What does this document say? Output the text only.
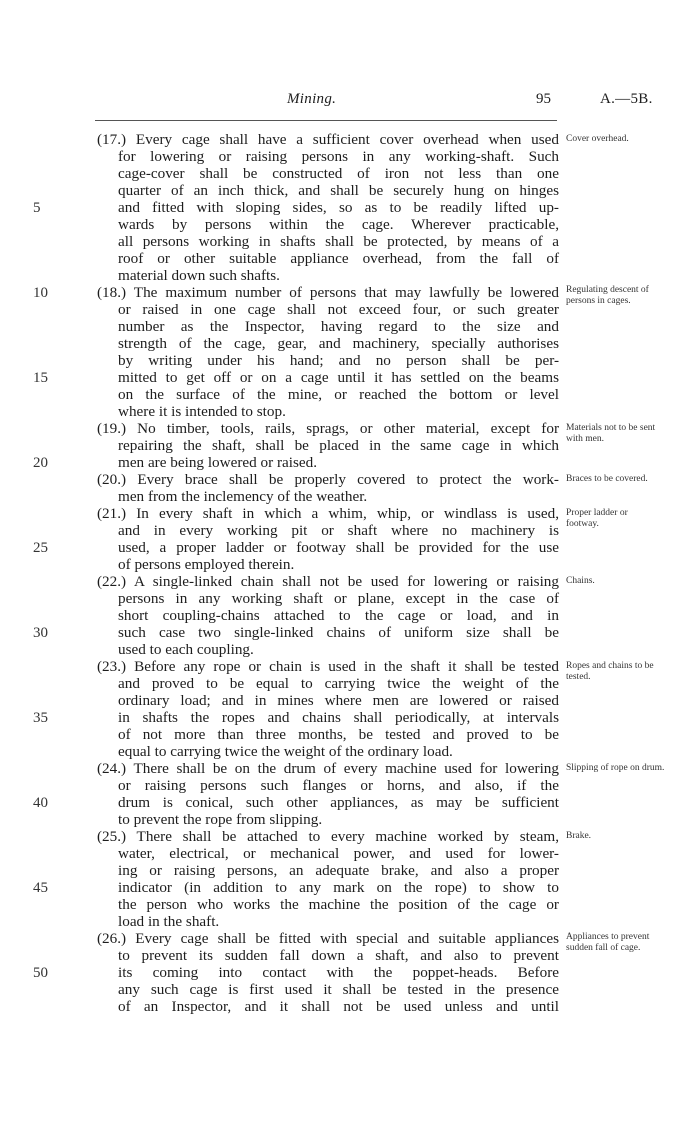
Mining.	95	A.—5B.
(17.) Every cage shall have a sufficient cover overhead when used
for lowering or raising persons in any working-shaft. Such
cage-cover shall be constructed of iron not less than one
quarter of an inch thick, and shall be securely hung on hinges
and fitted with sloping sides, so as to be readily lifted up-
wards by persons within the cage. Wherever practicable,
all persons working in shafts shall be protected, by means of a
roof or other suitable appliance overhead, from the fall of
material down such shafts.
(18.) The maximum number of persons that may lawfully be lowered
or raised in one cage shall not exceed four, or such greater
number as the Inspector, having regard to the size and
strength of the cage, gear, and machinery, specially authorises
by writing under his hand; and no person shall be per-
mitted to get off or on a cage until it has settled on the beams
on the surface of the mine, or reached the bottom or level
where it is intended to stop.
(19.) No timber, tools, rails, sprags, or other material, except for
repairing the shaft, shall be placed in the same cage in which
men are being lowered or raised.
(20.) Every brace shall be properly covered to protect the work-
men from the inclemency of the weather.
(21.) In every shaft in which a whim, whip, or windlass is used,
and in every working pit or shaft where no machinery is
used, a proper ladder or footway shall be provided for the use
of persons employed therein.
(22.) A single-linked chain shall not be used for lowering or raising
persons in any working shaft or plane, except in the case of
short coupling-chains attached to the cage or load, and in
such case two single-linked chains of uniform size shall be
used to each coupling.
(23.) Before any rope or chain is used in the shaft it shall be tested
and proved to be equal to carrying twice the weight of the
ordinary load; and in mines where men are lowered or raised
in shafts the ropes and chains shall periodically, at intervals
of not more than three months, be tested and proved to be
equal to carrying twice the weight of the ordinary load.
(24.) There shall be on the drum of every machine used for lowering
or raising persons such flanges or horns, and also, if the
drum is conical, such other appliances, as may be sufficient
to prevent the rope from slipping.
(25.) There shall be attached to every machine worked by steam,
water, electrical, or mechanical power, and used for lower-
ing or raising persons, an adequate brake, and also a proper
indicator (in addition to any mark on the rope) to show to
the person who works the machine the position of the cage or
load in the shaft.
(26.) Every cage shall be fitted with special and suitable appliances
to prevent its sudden fall down a shaft, and also to prevent
its coming into contact with the poppet-heads. Before
any such cage is first used it shall be tested in the presence
of an Inspector, and it shall not be used unless and until
5
10
15
20
25
30
35
40
45
50
Cover overhead.
Regulating descent of persons in cages.
Materials not to be sent with men.
Braces to be covered.
Proper ladder or footway.
Chains.
Ropes and chains to be tested.
Slipping of rope on drum.
Brake.
Appliances to prevent sudden fall of cage.
